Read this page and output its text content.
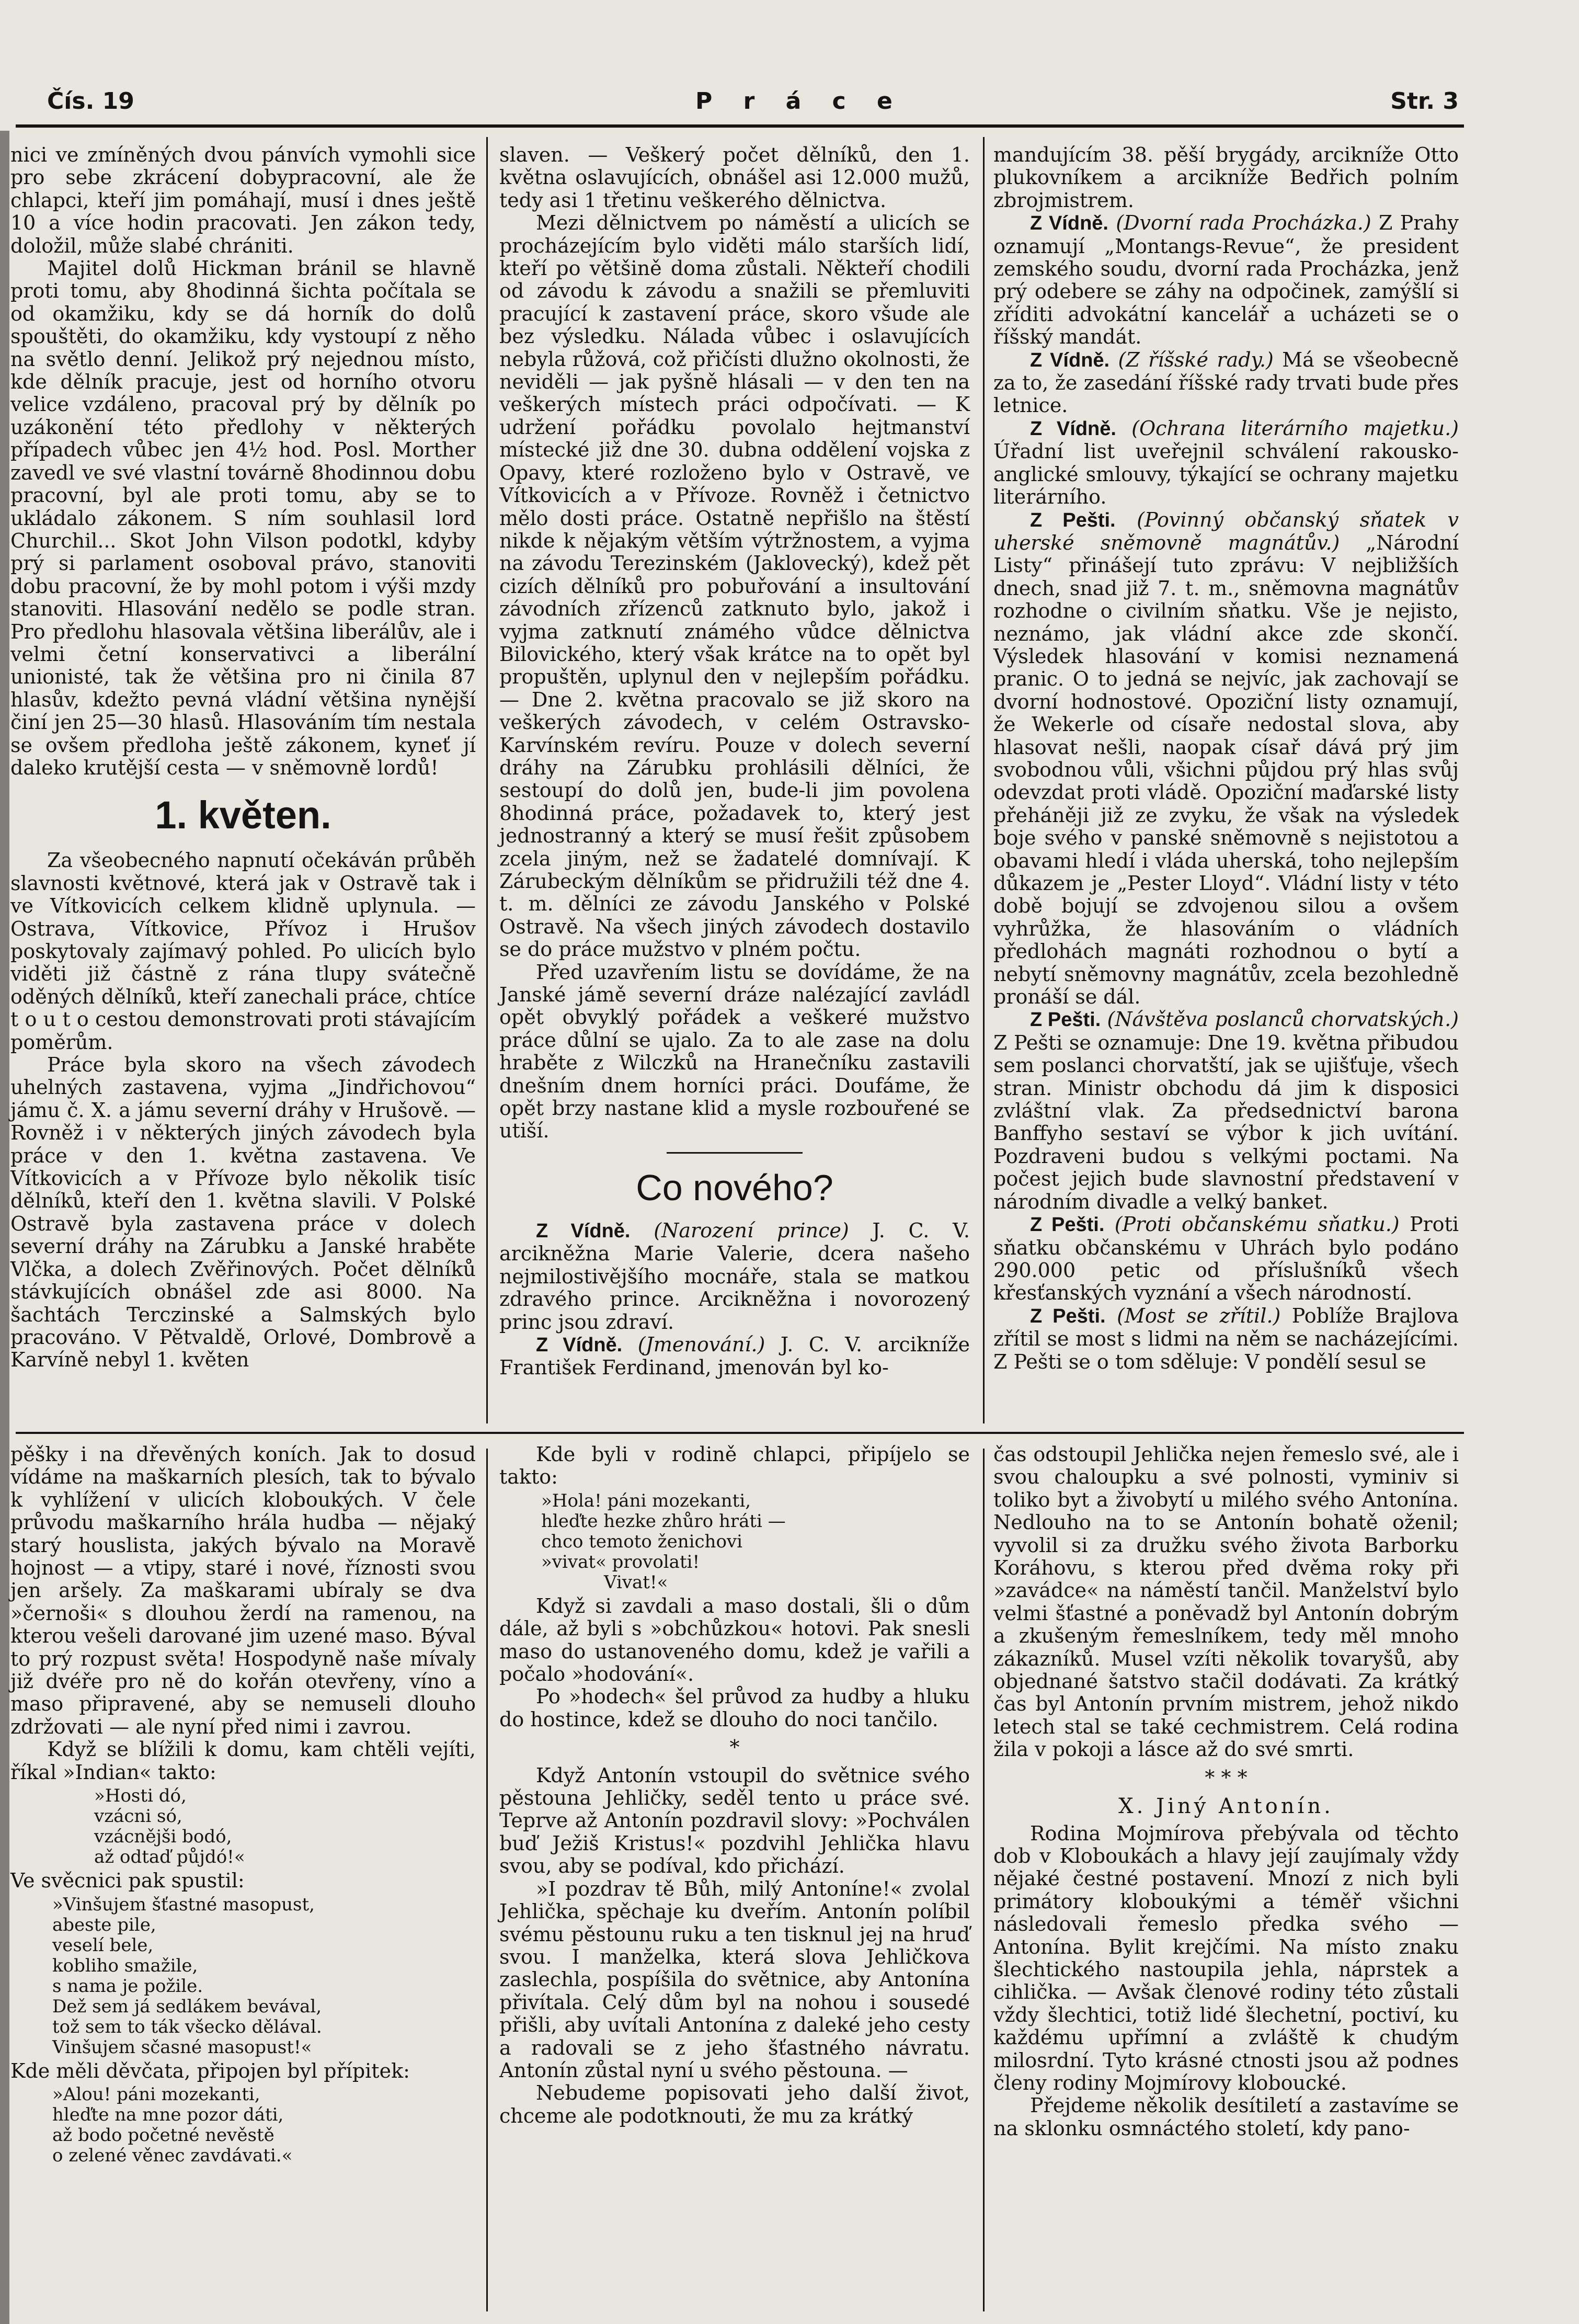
Čís. 19	P r á c e	Str. 3

nici ve zmíněných dvou pánvích vymohli sice pro sebe zkrácení dobypracovní, ale že chlapci, kteří jim pomáhají, musí i dnes ještě 10 a více hodin pracovati. Jen zákon tedy, doložil, může slabé chrániti.

Majitel dolů Hickman bránil se hlavně proti tomu, aby 8hodinná šichta počítala se od okamžiku, kdy se dá horník do dolů spouštěti, do okamžiku, kdy vystoupí z něho na světlo denní. Jelikož prý nejednou místo, kde dělník pracuje, jest od horního otvoru velice vzdáleno, pracoval prý by dělník po uzákonění této předlohy v některých případech vůbec jen 4½ hod. Posl. Morther zavedl ve své vlastní továrně 8hodinnou dobu pracovní, byl ale proti tomu, aby se to ukládalo zákonem. S ním souhlasil lord Churchil... Skot John Vilson podotkl, kdyby prý si parlament osoboval právo, stanoviti dobu pracovní, že by mohl potom i výši mzdy stanoviti. Hlasování nedělo se podle stran. Pro předlohu hlasovala většina liberálův, ale i velmi četní konservativci a liberální unionisté, tak že většina pro ni činila 87 hlasův, kdežto pevná vládní většina nynější činí jen 25—30 hlasů. Hlasováním tím nestala se ovšem předloha ještě zákonem, kyneť jí daleko krutější cesta — v sněmovně lordů!

1. květen.

Za všeobecného napnutí očekáván průběh slavnosti květnové, která jak v Ostravě tak i ve Vítkovicích celkem klidně uplynula. — Ostrava, Vítkovice, Přívoz i Hrušov poskytovaly zajímavý pohled. Po ulicích bylo viděti již částně z rána tlupy svátečně oděných dělníků, kteří zanechali práce, chtíce t o u t o cestou demonstrovati proti stávajícím poměrům.

Práce byla skoro na všech závodech uhelných zastavena, vyjma „Jindřichovou“ jámu č. X. a jámu severní dráhy v Hrušově. — Rovněž i v některých jiných závodech byla práce v den 1. května zastavena. Ve Vítkovicích a v Přívoze bylo několik tisíc dělníků, kteří den 1. května slavili. V Polské Ostravě byla zastavena práce v dolech severní dráhy na Zárubku a Janské hraběte Vlčka, a dolech Zvěřinových. Počet dělníků stávkujících obnášel zde asi 8000. Na šachtách Terczinské a Salmských bylo pracováno. V Pětvaldě, Orlové, Dombrově a Karvíně nebyl 1. květen

slaven. — Veškerý počet dělníků, den 1. května oslavujících, obnášel asi 12.000 mužů, tedy asi 1 třetinu veškerého dělnictva.

Mezi dělnictvem po náměstí a ulicích se procházejícím bylo viděti málo starších lidí, kteří po většině doma zůstali. Někteří chodili od závodu k závodu a snažili se přemluviti pracující k zastavení práce, skoro všude ale bez výsledku. Nálada vůbec i oslavujících nebyla růžová, což přičísti dlužno okolnosti, že neviděli — jak pyšně hlásali — v den ten na veškerých místech práci odpočívati. — K udržení pořádku povolalo hejtmanství místecké již dne 30. dubna oddělení vojska z Opavy, které rozloženo bylo v Ostravě, ve Vítkovicích a v Přívoze. Rovněž i četnictvo mělo dosti práce. Ostatně nepřišlo na štěstí nikde k nějakým větším výtržnostem, a vyjma na závodu Terezinském (Jaklovecký), kdež pět cizích dělníků pro pobuřování a insultování závodních zřízenců zatknuto bylo, jakož i vyjma zatknutí známého vůdce dělnictva Bilovického, který však krátce na to opět byl propuštěn, uplynul den v nejlepším pořádku. — Dne 2. května pracovalo se již skoro na veškerých závodech, v celém Ostravsko-Karvínském revíru. Pouze v dolech severní dráhy na Zárubku prohlásili dělníci, že sestoupí do dolů jen, bude-li jim povolena 8hodinná práce, požadavek to, který jest jednostranný a který se musí řešit způsobem zcela jiným, než se žadatelé domnívají. K Zárubeckým dělníkům se přidružili též dne 4. t. m. dělníci ze závodu Janského v Polské Ostravě. Na všech jiných závodech dostavilo se do práce mužstvo v plném počtu.

Před uzavřením listu se dovídáme, že na Janské jámě severní dráze nalézající zavládl opět obvyklý pořádek a veškeré mužstvo práce důlní se ujalo. Za to ale zase na dolu hraběte z Wilczků na Hranečníku zastavili dnešním dnem horníci práci. Doufáme, že opět brzy nastane klid a mysle rozbouřené se utiší.

Co nového?

Z Vídně. (Narození prince) J. C. V. arcikněžna Marie Valerie, dcera našeho nejmilostivějšího mocnáře, stala se matkou zdravého prince. Arcikněžna i novorozený princ jsou zdraví.

Z Vídně. (Jmenování.) J. C. V. arcikníže František Ferdinand, jmenován byl ko-

mandujícím 38. pěší brygády, arcikníže Otto plukovníkem a arcikníže Bedřich polním zbrojmistrem.

Z Vídně. (Dvorní rada Procházka.) Z Prahy oznamují „Montangs-Revue“, že president zemského soudu, dvorní rada Procházka, jenž prý odebere se záhy na odpočinek, zamýšlí si zříditi advokátní kancelář a ucházeti se o říšský mandát.

Z Vídně. (Z říšské rady.) Má se všeobecně za to, že zasedání říšské rady trvati bude přes letnice.

Z Vídně. (Ochrana literárního majetku.) Úřadní list uveřejnil schválení rakousko-anglické smlouvy, týkající se ochrany majetku literárního.

Z Pešti. (Povinný občanský sňatek v uherské sněmovně magnátův.) „Národní Listy“ přinášejí tuto zprávu: V nejbližších dnech, snad již 7. t. m., sněmovna magnátův rozhodne o civilním sňatku. Vše je nejisto, neznámo, jak vládní akce zde skončí. Výsledek hlasování v komisi neznamená pranic. O to jedná se nejvíc, jak zachovají se dvorní hodnostové. Opoziční listy oznamují, že Wekerle od císaře nedostal slova, aby hlasovat nešli, naopak císař dává prý jim svobodnou vůli, všichni půjdou prý hlas svůj odevzdat proti vládě. Opoziční maďarské listy přeháněji již ze zvyku, že však na výsledek boje svého v panské sněmovně s nejistotou a obavami hledí i vláda uherská, toho nejlepším důkazem je „Pester Lloyd“. Vládní listy v této době bojují se zdvojenou silou a ovšem vyhrůžka, že hlasováním o vládních předlohách magnáti rozhodnou o bytí a nebytí sněmovny magnátův, zcela bezohledně pronáší se dál.

Z Pešti. (Návštěva poslanců chorvatských.) Z Pešti se oznamuje: Dne 19. května přibudou sem poslanci chorvatští, jak se ujišťuje, všech stran. Ministr obchodu dá jim k disposici zvláštní vlak. Za předsednictví barona Banffyho sestaví se výbor k jich uvítání. Pozdraveni budou s velkými poctami. Na počest jejich bude slavnostní představení v národním divadle a velký banket.

Z Pešti. (Proti občanskému sňatku.) Proti sňatku občanskému v Uhrách bylo podáno 290.000 petic od příslušníků všech křesťanských vyznání a všech národností.

Z Pešti. (Most se zřítil.) Poblíže Brajlova zřítil se most s lidmi na něm se nacházejícími. Z Pešti se o tom sděluje: V pondělí sesul se

pěšky i na dřevěných koních. Jak to dosud vídáme na maškarních plesích, tak to bývalo k vyhlížení v ulicích kloboukých. V čele průvodu maškarního hrála hudba — nějaký starý houslista, jakých bývalo na Moravě hojnost — a vtipy, staré i nové, říznosti svou jen aršely. Za maškarami ubíraly se dva »černoši« s dlouhou žerdí na ramenou, na kterou vešeli darované jim uzené maso. Býval to prý rozpust světa! Hospodyně naše mívaly již dvéře pro ně do kořán otevřeny, víno a maso připravené, aby se nemuseli dlouho zdržovati — ale nyní před nimi i zavrou.

Když se blížili k domu, kam chtěli vejíti, říkal »Indian« takto:

»Hosti dó,
vzácni só,
vzácnějši bodó,
až odtaď půjdó!«

Ve svěcnici pak spustil:

»Vinšujem šťastné masopust,
abeste pile,
veselí bele,
kobliho smažile,
s nama je požile.
Dež sem já sedlákem bevával,
tož sem to ták všecko dělával.
Vinšujem sčasné masopust!«

Kde měli děvčata, připojen byl přípitek:

»Alou! páni mozekanti,
hleďte na mne pozor dáti,
až bodo početné nevěstě
o zelené věnec zavdávati.«

Kde byli v rodině chlapci, připíjelo se takto:

»Hola! páni mozekanti,
hleďte hezke zhůro hráti —
chco temoto ženichovi
»vivat« provolati!
Vivat!«

Když si zavdali a maso dostali, šli o dům dále, až byli s »obchůzkou« hotovi. Pak snesli maso do ustanoveného domu, kdež je vařili a počalo »hodování«.

Po »hodech« šel průvod za hudby a hluku do hostince, kdež se dlouho do noci tančilo.

*

Když Antonín vstoupil do světnice svého pěstouna Jehličky, seděl tento u práce své. Teprve až Antonín pozdravil slovy: »Pochválen buď Ježiš Kristus!« pozdvihl Jehlička hlavu svou, aby se podíval, kdo přichází.

»I pozdrav tě Bůh, milý Antoníne!« zvolal Jehlička, spěchaje ku dveřím. Antonín políbil svému pěstounu ruku a ten tisknul jej na hruď svou. I manželka, která slova Jehličkova zaslechla, pospíšila do světnice, aby Antonína přivítala. Celý dům byl na nohou i sousedé přišli, aby uvítali Antonína z daleké jeho cesty a radovali se z jeho šťastného návratu. Antonín zůstal nyní u svého pěstouna. —

Nebudeme popisovati jeho další život, chceme ale podotknouti, že mu za krátký

čas odstoupil Jehlička nejen řemeslo své, ale i svou chaloupku a své polnosti, vyminiv si toliko byt a živobytí u milého svého Antonína. Nedlouho na to se Antonín bohatě oženil; vyvolil si za družku svého života Barborku Koráhovu, s kterou před dvěma roky při »zavádce« na náměstí tančil. Manželství bylo velmi šťastné a poněvadž byl Antonín dobrým a zkušeným řemeslníkem, tedy měl mnoho zákazníků. Musel vzíti několik tovaryšů, aby objednané šatstvo stačil dodávati. Za krátký čas byl Antonín prvním mistrem, jehož nikdo letech stal se také cechmistrem. Celá rodina žila v pokoji a lásce až do své smrti.

* * *
X. Jiný Antonín.

Rodina Mojmírova přebývala od těchto dob v Kloboukách a hlavy její zaujímaly vždy nějaké čestné postavení. Mnozí z nich byli primátory kloboukými a téměř všichni následovali řemeslo předka svého — Antonína. Bylit krejčími. Na místo znaku šlechtického nastoupila jehla, náprstek a cihlička. — Avšak členové rodiny této zůstali vždy šlechtici, totiž lidé šlechetní, poctiví, ku každému upřímní a zvláště k chudým milosrdní. Tyto krásné ctnosti jsou až podnes členy rodiny Mojmírovy kloboucké.

Přejdeme několik desítiletí a zastavíme se na sklonku osmnáctého století, kdy pano-
